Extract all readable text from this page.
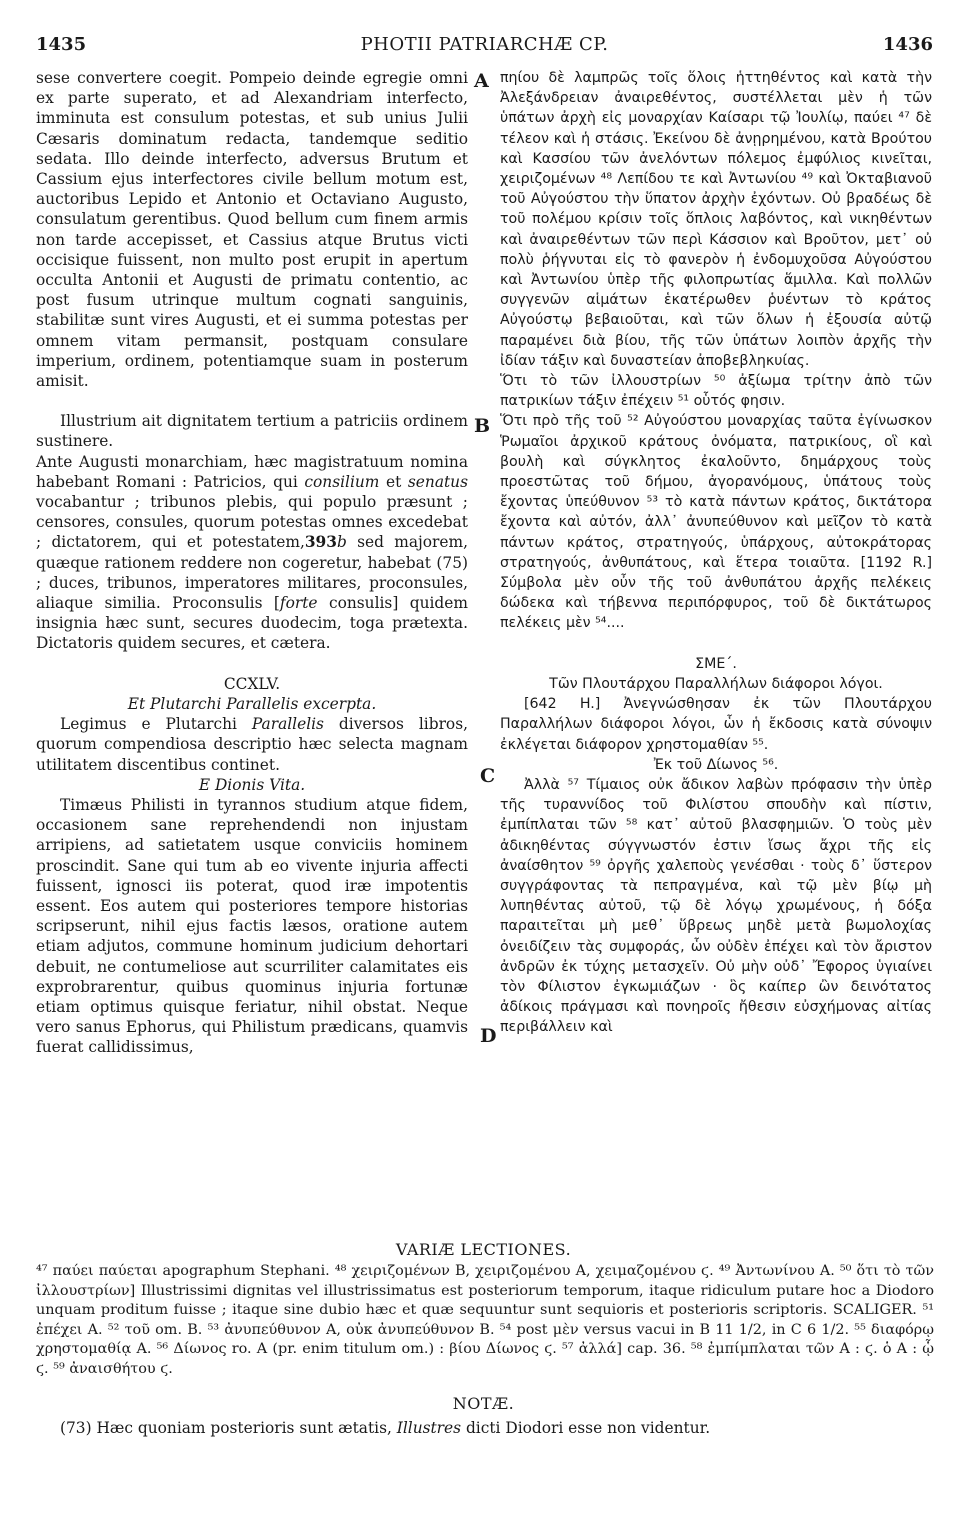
1435	PHOTII PATRIARCHÆ CP.	1436

sese convertere coegit. Pompeio deinde egregie omni ex parte superato, et ad Alexandriam interfecto, imminuta est consulum potestas, et sub unius Julii Cæsaris dominatum redacta, tandemque seditio sedata. Illo deinde interfecto, adversus Brutum et Cassium ejus interfectores civile bellum motum est, auctoribus Lepido et Antonio et Octaviano Augusto, consulatum gerentibus. Quod bellum cum finem armis non tarde accepisset, et Cassius atque Brutus victi occisique fuissent, non multo post erupit in apertum occulta Antonii et Augusti de primatu contentio, ac post fusum utrinque multum cognati sanguinis, stabilitæ sunt vires Augusti, et ei summa potestas per omnem vitam permansit, postquam consulare imperium, ordinem, potentiamque suam in posterum amisit.

Illustrium ait dignitatem tertium a patriciis ordinem sustinere.

Ante Augusti monarchiam, hæc magistratuum nomina habebant Romani : Patricios, qui consilium et senatus vocabantur ; tribunos plebis, qui populo præsunt ; censores, consules, quorum potestas omnes excedebat ; dictatorem, qui et potestatem,393b sed majorem, quæque rationem reddere non cogeretur, habebat (75) ; duces, tribunos, imperatores militares, proconsules, aliaque similia. Proconsulis [forte consulis] quidem insignia hæc sunt, secures duodecim, toga prætexta. Dictatoris quidem secures, et cætera.

CCXLV.
Et Plutarchi Parallelis excerpta.

Legimus e Plutarchi Parallelis diversos libros, quorum compendiosa descriptio hæc selecta magnam utilitatem discentibus continet.

E Dionis Vita.

Timæus Philisti in tyrannos studium atque fidem, occasionem sane reprehendendi non injustam arripiens, ad satietatem usque conviciis hominem proscindit. Sane qui tum ab eo vivente injuria affecti fuissent, ignosci iis poterat, quod iræ impotentis essent. Eos autem qui posteriores tempore historias scripserunt, nihil ejus factis læsos, oratione autem etiam adjutos, commune hominum judicium dehortari debuit, ne contumeliose aut scurriliter calamitates eis exprobrarentur, quibus quominus injuria fortunæ etiam optimus quisque feriatur, nihil obstat. Neque vero sanus Ephorus, qui Philistum prædicans, quamvis fuerat callidissimus,

A
B
C
D

πηίου δὲ λαμπρῶς τοῖς ὅλοις ἡττηθέντος καὶ κατὰ τὴν Ἀλεξάνδρειαν ἀναιρεθέντος, συστέλλεται μὲν ἡ τῶν ὑπάτων ἀρχὴ εἰς μοναρχίαν Καίσαρι τῷ Ἰουλίῳ, παύει ⁴⁷ δὲ τέλεον καὶ ἡ στάσις. Ἐκείνου δὲ ἀνῃρημένου, κατὰ Βρούτου καὶ Κασσίου τῶν ἀνελόντων πόλεμος ἐμφύλιος κινεῖται, χειριζομένων ⁴⁸ Λεπίδου τε καὶ Ἀντωνίου ⁴⁹ καὶ Ὀκταβιανοῦ τοῦ Αὐγούστου τὴν ὕπατον ἀρχὴν ἐχόντων. Οὐ βραδέως δὲ τοῦ πολέμου κρίσιν τοῖς ὅπλοις λαβόντος, καὶ νικηθέντων καὶ ἀναιρεθέντων τῶν περὶ Κάσσιον καὶ Βροῦτον, μετ᾽ οὐ πολὺ ῥήγνυται εἰς τὸ φανερὸν ἡ ἐνδομυχοῦσα Αὐγούστου καὶ Ἀντωνίου ὑπὲρ τῆς φιλοπρωτίας ἅμιλλα. Καὶ πολλῶν συγγενῶν αἱμάτων ἑκατέρωθεν ῥυέντων τὸ κράτος Αὐγούστῳ βεβαιοῦται, καὶ τῶν ὅλων ἡ ἐξουσία αὐτῷ παραμένει διὰ βίου, τῆς τῶν ὑπάτων λοιπὸν ἀρχῆς τὴν ἰδίαν τάξιν καὶ δυναστείαν ἀποβεβληκυίας.

Ὅτι τὸ τῶν ἰλλουστρίων ⁵⁰ ἀξίωμα τρίτην ἀπὸ τῶν πατρικίων τάξιν ἐπέχειν ⁵¹ οὗτός φησιν.

Ὅτι πρὸ τῆς τοῦ ⁵² Αὐγούστου μοναρχίας ταῦτα ἐγίνωσκον Ῥωμαῖοι ἀρχικοῦ κράτους ὀνόματα, πατρικίους, οἳ καὶ βουλὴ καὶ σύγκλητος ἐκαλοῦντο, δημάρχους τοὺς προεστῶτας τοῦ δήμου, ἀγορανόμους, ὑπάτους τοὺς ἔχοντας ὑπεύθυνον ⁵³ τὸ κατὰ πάντων κράτος, δικτάτορα ἔχοντα καὶ αὐτόν, ἀλλ᾽ ἀνυπεύθυνον καὶ μεῖζον τὸ κατὰ πάντων κράτος, στρατηγούς, ὑπάρχους, αὐτοκράτορας στρατηγούς, ἀνθυπάτους, καὶ ἕτερα τοιαῦτα. [1192 R.] Σύμβολα μὲν οὖν τῆς τοῦ ἀνθυπάτου ἀρχῆς πελέκεις δώδεκα καὶ τήβεννα περιπόρφυρος, τοῦ δὲ δικτάτωρος πελέκεις μὲν ⁵⁴....

ΣΜΕ΄.
Τῶν Πλουτάρχου Παραλλήλων διάφοροι λόγοι.

[642 H.] Ἀνεγνώσθησαν ἐκ τῶν Πλουτάρχου Παραλλήλων διάφοροι λόγοι, ὧν ἡ ἔκδοσις κατὰ σύνοψιν ἐκλέγεται διάφορον χρηστομαθίαν ⁵⁵.

Ἐκ τοῦ Δίωνος ⁵⁶.

Ἀλλὰ ⁵⁷ Τίμαιος οὐκ ἄδικον λαβὼν πρόφασιν τὴν ὑπὲρ τῆς τυραννίδος τοῦ Φιλίστου σπουδὴν καὶ πίστιν, ἐμπίπλαται τῶν ⁵⁸ κατ᾽ αὐτοῦ βλασφημιῶν. Ὁ τοὺς μὲν ἀδικηθέντας σύγγνωστόν ἐστιν ἴσως ἄχρι τῆς εἰς ἀναίσθητον ⁵⁹ ὀργῆς χαλεποὺς γενέσθαι · τοὺς δ᾽ ὕστερον συγγράφοντας τὰ πεπραγμένα, καὶ τῷ μὲν βίῳ μὴ λυπηθέντας αὐτοῦ, τῷ δὲ λόγῳ χρωμένους, ἡ δόξα παραιτεῖται μὴ μεθ᾽ ὕβρεως μηδὲ μετὰ βωμολοχίας ὀνειδίζειν τὰς συμφοράς, ὧν οὐδὲν ἐπέχει καὶ τὸν ἄριστον ἀνδρῶν ἐκ τύχης μετασχεῖν. Οὐ μὴν οὐδ᾽ Ἔφορος ὑγιαίνει τὸν Φίλιστον ἐγκωμιάζων · ὃς καίπερ ὢν δεινότατος ἀδίκοις πράγμασι καὶ πονηροῖς ἤθεσιν εὐσχήμονας αἰτίας περιβάλλειν καὶ

VARIÆ LECTIONES.
⁴⁷ παύει παύεται apographum Stephani. ⁴⁸ χειριζομένων B, χειριζομένου A, χειμαζομένου ϛ. ⁴⁹ Ἀντωνίνου A. ⁵⁰ ὅτι τὸ τῶν ἰλλουστρίων] Illustrissimi dignitas vel illustrissimatus est posteriorum temporum, itaque ridiculum putare hoc a Diodoro unquam proditum fuisse ; itaque sine dubio hæc et quæ sequuntur sunt sequioris et posterioris scriptoris. SCALIGER. ⁵¹ ἐπέχει A. ⁵² τοῦ om. B. ⁵³ ἀνυπεύθυνον A, οὐκ ἀνυπεύθυνον B. ⁵⁴ post μὲν versus vacui in B 11 1/2, in C 6 1/2. ⁵⁵ διαφόρῳ χρηστομαθίᾳ A. ⁵⁶ Δίωνος ro. A (pr. enim titulum om.) : βίου Δίωνος ϛ. ⁵⁷ ἀλλά] cap. 36. ⁵⁸ ἐμπίμπλαται τῶν A : ϛ. ὁ A : ᾧ ϛ. ⁵⁹ ἀναισθήτου ϛ.
NOTÆ.
(73) Hæc quoniam posterioris sunt ætatis, Illustres dicti Diodori esse non videntur.
